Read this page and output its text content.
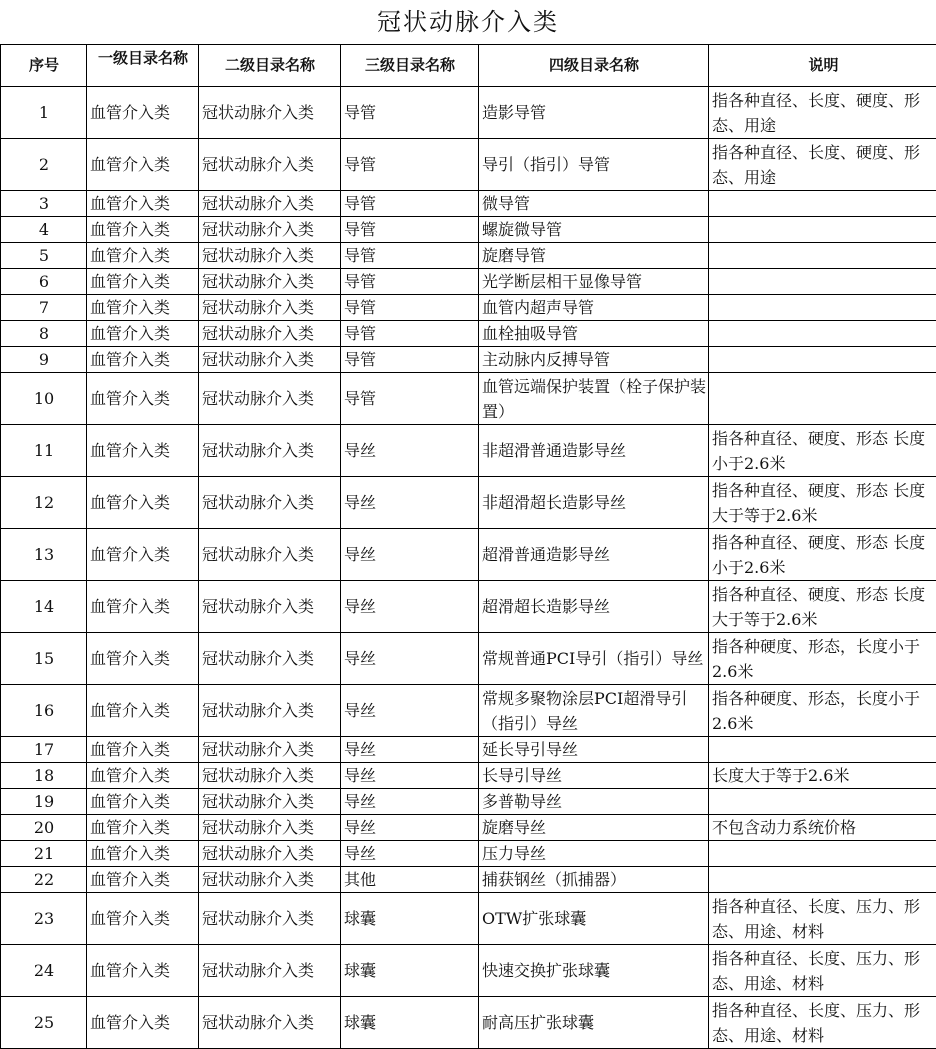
冠状动脉介入类
序号	一级目录名称	二级目录名称	三级目录名称	四级目录名称	说明
1	血管介入类	冠状动脉介入类	导管	造影导管	指各种直径、长度、硬度、形态、用途
2	血管介入类	冠状动脉介入类	导管	导引（指引）导管	指各种直径、长度、硬度、形态、用途
3	血管介入类	冠状动脉介入类	导管	微导管	
4	血管介入类	冠状动脉介入类	导管	螺旋微导管	
5	血管介入类	冠状动脉介入类	导管	旋磨导管	
6	血管介入类	冠状动脉介入类	导管	光学断层相干显像导管	
7	血管介入类	冠状动脉介入类	导管	血管内超声导管	
8	血管介入类	冠状动脉介入类	导管	血栓抽吸导管	
9	血管介入类	冠状动脉介入类	导管	主动脉内反搏导管	
10	血管介入类	冠状动脉介入类	导管	血管远端保护装置（栓子保护装置）	
11	血管介入类	冠状动脉介入类	导丝	非超滑普通造影导丝	指各种直径、硬度、形态 长度小于2.6米
12	血管介入类	冠状动脉介入类	导丝	非超滑超长造影导丝	指各种直径、硬度、形态 长度大于等于2.6米
13	血管介入类	冠状动脉介入类	导丝	超滑普通造影导丝	指各种直径、硬度、形态 长度小于2.6米
14	血管介入类	冠状动脉介入类	导丝	超滑超长造影导丝	指各种直径、硬度、形态 长度大于等于2.6米
15	血管介入类	冠状动脉介入类	导丝	常规普通PCI导引（指引）导丝	指各种硬度、形态，长度小于2.6米
16	血管介入类	冠状动脉介入类	导丝	常规多聚物涂层PCI超滑导引（指引）导丝	指各种硬度、形态，长度小于2.6米
17	血管介入类	冠状动脉介入类	导丝	延长导引导丝	
18	血管介入类	冠状动脉介入类	导丝	长导引导丝	长度大于等于2.6米
19	血管介入类	冠状动脉介入类	导丝	多普勒导丝	
20	血管介入类	冠状动脉介入类	导丝	旋磨导丝	不包含动力系统价格
21	血管介入类	冠状动脉介入类	导丝	压力导丝	
22	血管介入类	冠状动脉介入类	其他	捕获钢丝（抓捕器）	
23	血管介入类	冠状动脉介入类	球囊	OTW扩张球囊	指各种直径、长度、压力、形态、用途、材料
24	血管介入类	冠状动脉介入类	球囊	快速交换扩张球囊	指各种直径、长度、压力、形态、用途、材料
25	血管介入类	冠状动脉介入类	球囊	耐高压扩张球囊	指各种直径、长度、压力、形态、用途、材料
